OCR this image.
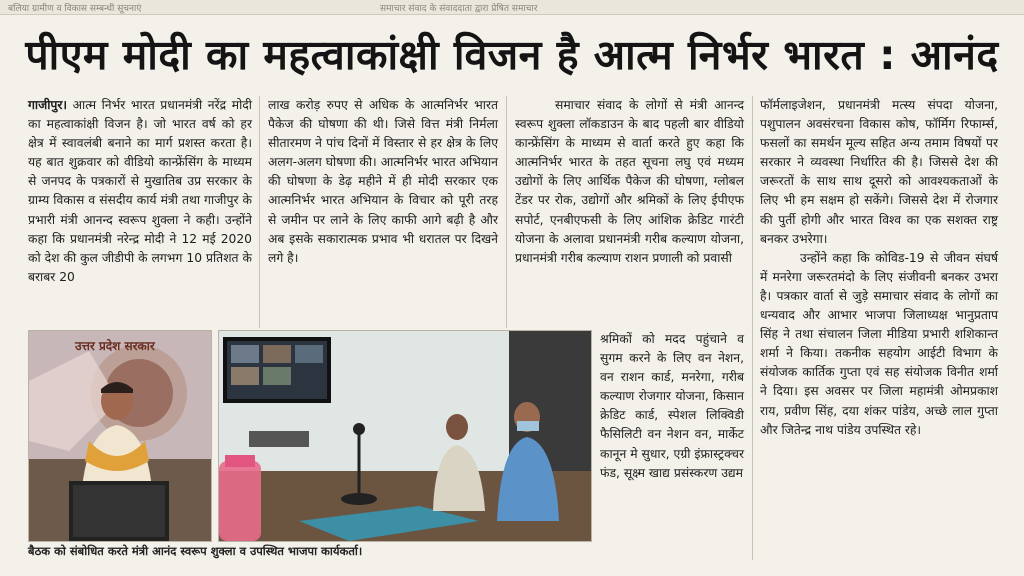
बलिया ग्रामीण व विकास सम्बन्धी सूचनाएं	समाचार संवाद के संवाददाता द्वारा प्रेषित समाचार
पीएम मोदी का महत्वाकांक्षी विजन है आत्म निर्भर भारत : आनंद

गाजीपुर। आत्म निर्भर भारत प्रधानमंत्री नरेंद्र मोदी का महत्वाकांक्षी विजन है। जो भारत वर्ष को हर क्षेत्र में स्वावलंबी बनाने का मार्ग प्रशस्त करता है। यह बात शुक्रवार को वीडियो कान्फ्रेंसिंग के माध्यम से जनपद के पत्रकारों से मुखातिब उप्र सरकार के ग्राम्य विकास व संसदीय कार्य मंत्री तथा गाजीपुर के प्रभारी मंत्री आनन्द स्वरूप शुक्ला ने कही। उन्होंने कहा कि प्रधानमंत्री नरेन्द्र मोदी ने 12 मई 2020 को देश की कुल जीडीपी के लगभग 10 प्रतिशत के बराबर 20

लाख करोड़ रुपए से अधिक के आत्मनिर्भर भारत पैकेज की घोषणा की थी। जिसे वित्त मंत्री निर्मला सीतारमण ने पांच दिनों में विस्तार से हर क्षेत्र के लिए अलग-अलग घोषणा की। आत्मनिर्भर भारत अभियान की घोषणा के डेढ़ महीने में ही मोदी सरकार एक आत्मनिर्भर भारत अभियान के विचार को पूरी तरह से जमीन पर लाने के लिए काफी आगे बढ़ी है और अब इसके सकारात्मक प्रभाव भी धरातल पर दिखने लगे है।

समाचार संवाद के लोगों से मंत्री आनन्द स्वरूप शुक्ला लॉकडाउन के बाद पहली बार वीडियो कान्फ्रेंसिंग के माध्यम से वार्ता करते हुए कहा कि आत्मनिर्भर भारत के तहत सूचना लघु एवं मध्यम उद्योगों के लिए आर्थिक पैकेज की घोषणा, ग्लोबल टेंडर पर रोक, उद्योगों और श्रमिकों के लिए ईपीएफ सपोर्ट, एनबीएफसी के लिए आंशिक क्रेडिट गारंटी योजना के अलावा प्रधानमंत्री गरीब कल्याण योजना, प्रधानमंत्री गरीब कल्याण राशन प्रणाली को प्रवासी

श्रमिकों को मदद पहुंचाने व सुगम करने के लिए वन नेशन, वन राशन कार्ड, मनरेगा, गरीब कल्याण रोजगार योजना, किसान क्रेडिट कार्ड, स्पेशल लिक्विडी फैसिलिटी वन नेशन वन, मार्केट कानून मे सुधार, एग्री इंफ्रास्ट्रक्चर फंड, सूक्ष्म खाद्य प्रसंस्करण उद्यम

फॉर्मलाइजेशन, प्रधानमंत्री मत्स्य संपदा योजना, पशुपालन अवसंरचना विकास कोष, फॉर्मिग रिफार्म्स, फसलों का समर्थन मूल्य सहित अन्य तमाम विषयों पर सरकार ने व्यवस्था निर्धारित की है। जिससे देश की जरूरतों के साथ साथ दूसरो को आवश्यकताओं के लिए भी हम सक्षम हो सकेंगे। जिससे देश में रोजगार की पुर्ती होगी और भारत विश्व का एक सशक्त राष्ट्र बनकर उभरेगा।

उन्होंने कहा कि कोविड-19 से जीवन संघर्ष में मनरेगा जरूरतमंदो के लिए संजीवनी बनकर उभरा है। पत्रकार वार्ता से जुड़े समाचार संवाद के लोगों का धन्यवाद और आभार भाजपा जिलाध्यक्ष भानुप्रताप सिंह ने तथा संचालन जिला मीडिया प्रभारी शशिकान्त शर्मा ने किया। तकनीक सहयोग आईटी विभाग के संयोजक कार्तिक गुप्ता एवं सह संयोजक विनीत शर्मा ने दिया। इस अवसर पर जिला महामंत्री ओमप्रकाश राय, प्रवीण सिंह, दया शंकर पांडेय, अच्छे लाल गुप्ता और जितेन्द्र नाथ पांडेय उपस्थित रहे।

उत्तर प्रदेश सरकार
बैठक को संबोधित करते मंत्री आनंद स्वरूप शुक्ला व उपस्थित भाजपा कार्यकर्ता।
